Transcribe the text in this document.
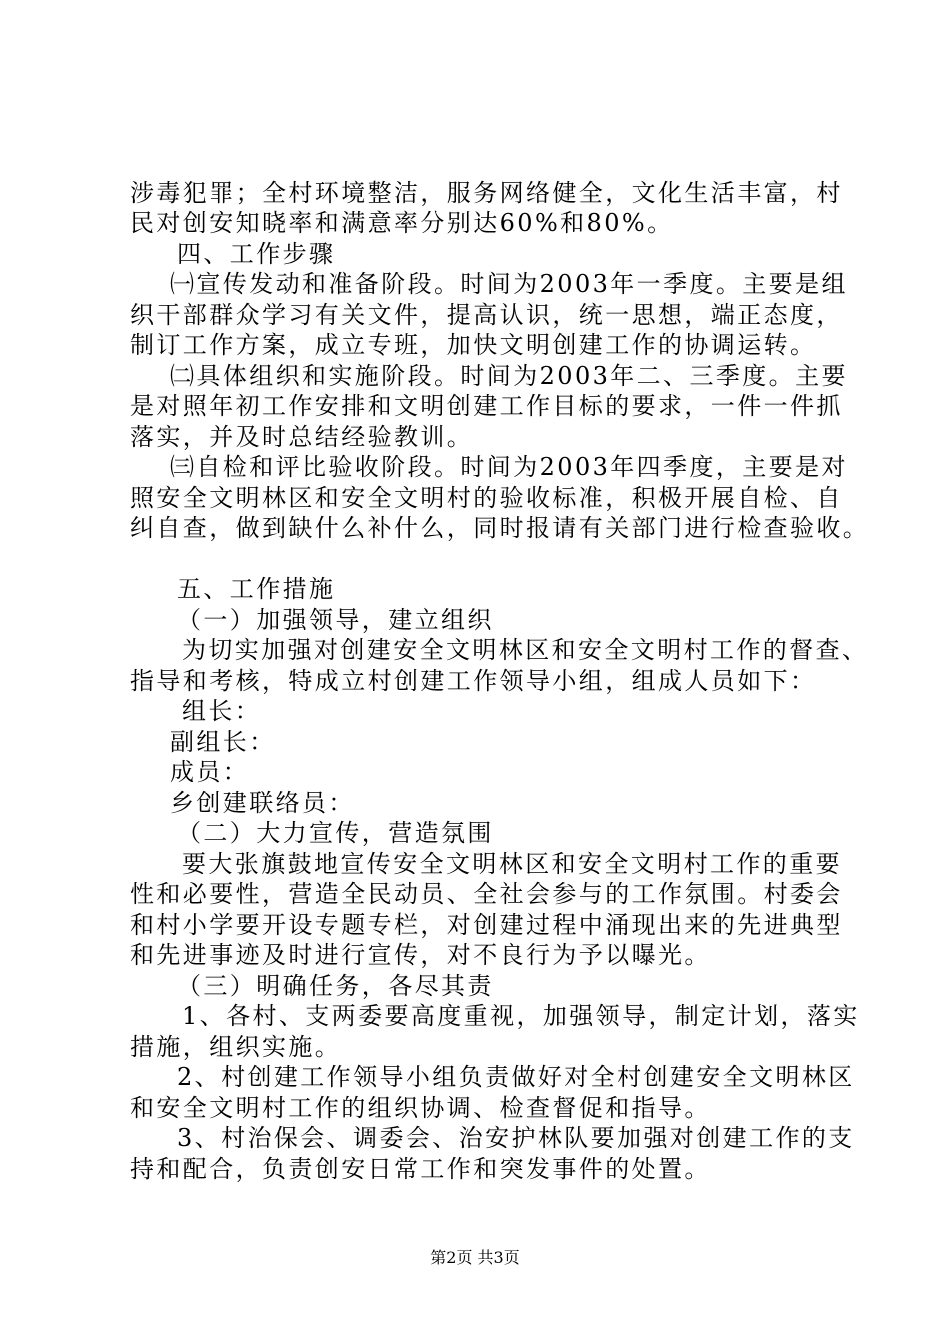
涉毒犯罪；全村环境整洁，服务网络健全，文化生活丰富，村
民对创安知晓率和满意率分别达60%和80%。
四、工作步骤
㈠宣传发动和准备阶段。时间为2003年一季度。主要是组
织干部群众学习有关文件，提高认识，统一思想，端正态度，
制订工作方案，成立专班，加快文明创建工作的协调运转。
㈡具体组织和实施阶段。时间为2003年二、三季度。主要
是对照年初工作安排和文明创建工作目标的要求，一件一件抓
落实，并及时总结经验教训。
㈢自检和评比验收阶段。时间为2003年四季度，主要是对
照安全文明林区和安全文明村的验收标准，积极开展自检、自
纠自查，做到缺什么补什么，同时报请有关部门进行检查验收。
五、工作措施
（一）加强领导，建立组织
为切实加强对创建安全文明林区和安全文明村工作的督查、
指导和考核，特成立村创建工作领导小组，组成人员如下：
组长：
副组长：
成员：
乡创建联络员：
（二）大力宣传，营造氛围
要大张旗鼓地宣传安全文明林区和安全文明村工作的重要
性和必要性，营造全民动员、全社会参与的工作氛围。村委会
和村小学要开设专题专栏，对创建过程中涌现出来的先进典型
和先进事迹及时进行宣传，对不良行为予以曝光。
（三）明确任务，各尽其责
1、各村、支两委要高度重视，加强领导，制定计划，落实
措施，组织实施。
2、村创建工作领导小组负责做好对全村创建安全文明林区
和安全文明村工作的组织协调、检查督促和指导。
3、村治保会、调委会、治安护林队要加强对创建工作的支
持和配合，负责创安日常工作和突发事件的处置。
第2页 共3页
